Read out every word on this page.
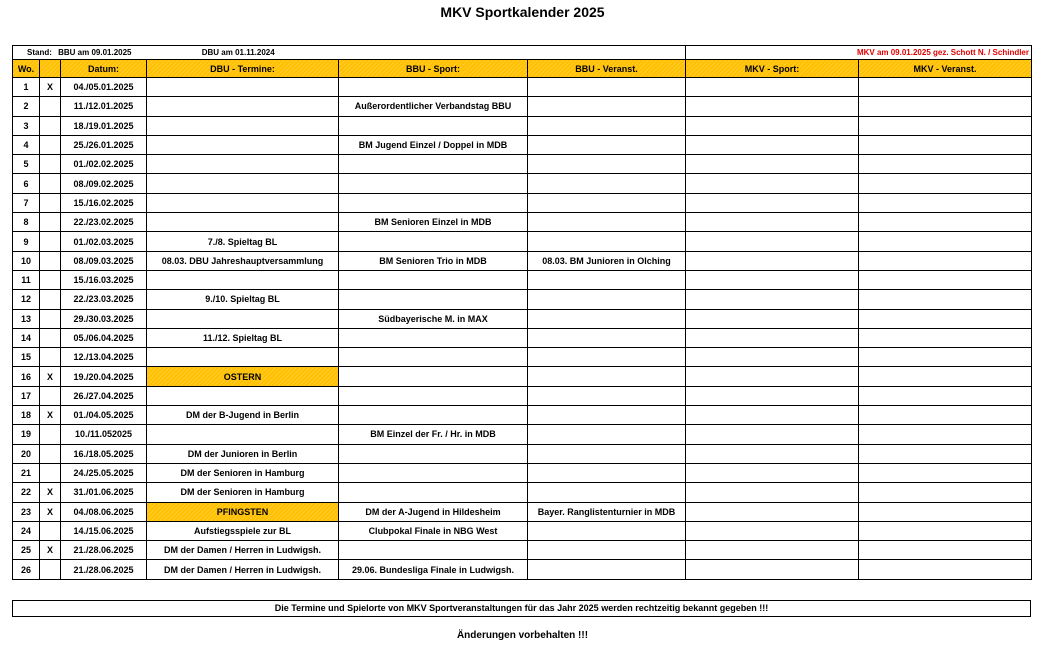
MKV Sportkalender 2025
Stand: BBU am 09.01.2025 DBU am 01.11.2024						MKV am 09.01.2025 gez. Schott N. / Schindler	
Wo.		Datum:	DBU - Termine:	BBU - Sport:	BBU - Veranst.	MKV - Sport:	MKV - Veranst.
1	X	04./05.01.2025					
2		11./12.01.2025		Außerordentlicher Verbandstag BBU			
3		18./19.01.2025					
4		25./26.01.2025		BM Jugend Einzel / Doppel in MDB			
5		01./02.02.2025					
6		08./09.02.2025					
7		15./16.02.2025					
8		22./23.02.2025		BM Senioren Einzel in MDB			
9		01./02.03.2025	7./8. Spieltag BL				
10		08./09.03.2025	08.03. DBU Jahreshauptversammlung	BM Senioren Trio in MDB	08.03. BM Junioren in Olching		
11		15./16.03.2025					
12		22./23.03.2025	9./10. Spieltag BL				
13		29./30.03.2025		Südbayerische M. in MAX			
14		05./06.04.2025	11./12. Spieltag BL				
15		12./13.04.2025					
16	X	19./20.04.2025	OSTERN				
17		26./27.04.2025					
18	X	01./04.05.2025	DM der B-Jugend in Berlin				
19		10./11.052025		BM Einzel der Fr. / Hr. in MDB			
20		16./18.05.2025	DM der Junioren in Berlin				
21		24./25.05.2025	DM der Senioren in Hamburg				
22	X	31./01.06.2025	DM der Senioren in Hamburg				
23	X	04./08.06.2025	PFINGSTEN	DM der A-Jugend in Hildesheim	Bayer. Ranglistenturnier in MDB		
24		14./15.06.2025	Aufstiegsspiele zur BL	Clubpokal Finale in NBG West			
25	X	21./28.06.2025	DM der Damen / Herren in Ludwigsh.				
26		21./28.06.2025	DM der Damen / Herren in Ludwigsh.	29.06. Bundesliga Finale in Ludwigsh.			
Die Termine und Spielorte von MKV Sportveranstaltungen für das Jahr 2025 werden rechtzeitig bekannt gegeben !!!
Änderungen vorbehalten !!!
